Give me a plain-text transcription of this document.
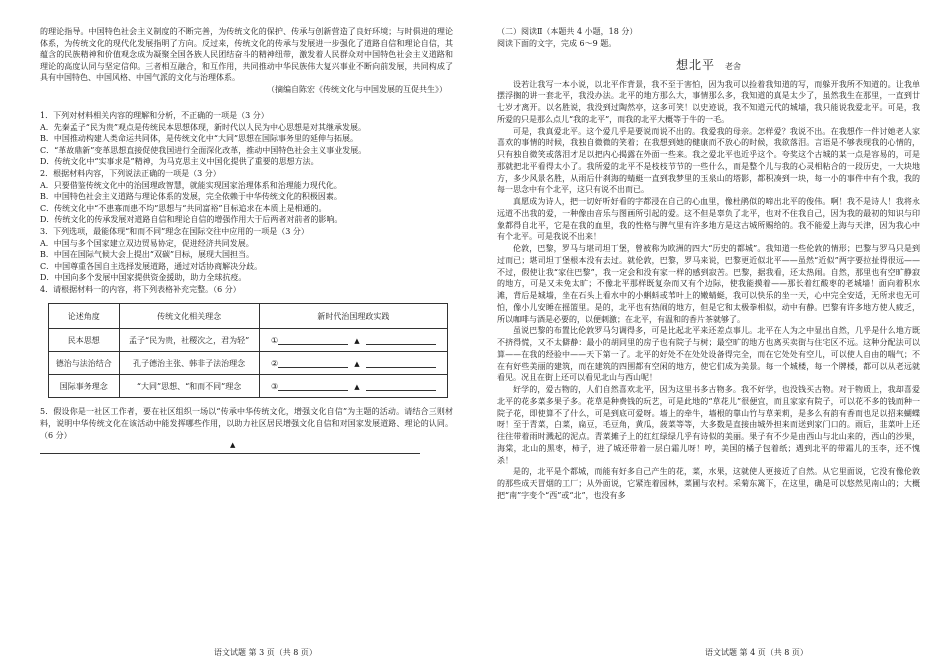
的理论指导。中国特色社会主义制度的不断完善，为传统文化的保护、传承与创新营造了良好环境；与时俱进的理论体系，为传统文化的现代化发展指明了方向。反过来，传统文化的传承与发展进一步强化了道路自信和理论自信，其蕴含的民族精神和价值观念成为凝聚全国各族人民团结奋斗的精神纽带，激发着人民群众对中国特色社会主义道路和理论的高度认同与坚定信仰。三者相互融合，和互作用，共同推动中华民族伟大复兴事业不断向前发展，共同构成了具有中国特色、中国风格、中国气派的文化与治理体系。

（摘编自陈宏《传统文化与中国发展的互促共生》）

1．下列对材料相关内容的理解和分析，不正确的一项是（3 分）

A．先秦孟子“民为贵”观点是传统民本思想体现，新时代以人民为中心思想是对其继承发展。

B．中国推动构建人类命运共同体，是传统文化中“大同”思想在国际事务里的延伸与拓展。

C．“革故鼎新”变革思想直接促使我国进行全面深化改革，推动中国特色社会主义事业发展。

D．传统文化中“实事求是”精神，为马克思主义中国化提供了重要的思想方法。

2．根据材料内容，下列说法正确的一项是（3 分）

A．只要借鉴传统文化中的治国理政智慧，就能实现国家治理体系和治理能力现代化。

B．中国特色社会主义道路与理论体系的发展，完全依赖于中华传统文化的积极因素。

C．传统文化中“不患寡而患不均”思想与“共同富裕”目标追求在本质上是相通的。

D．传统文化的传承发展对道路自信和理论自信的增强作用大于后两者对前者的影响。

3．下列选项，最能体现“和而不同”理念在国际交往中应用的一项是（3 分）

A．中国与多个国家建立双边贸易协定，促进经济共同发展。

B．中国在国际气候大会上提出“双碳”目标，展现大国担当。

C．中国尊重各国自主选择发展道路，通过对话协商解决分歧。

D．中国向多个发展中国家提供资金援助，助力全球抗疫。

4．请根据材料一的内容，将下列表格补充完整。（6 分）

论述角度	传统文化相关理念	新时代治国理政实践
民本思想	孟子“民为贵，社稷次之，君为轻”	① ▲
德治与法治结合	孔子德治主张、韩非子法治理念	② ▲
国际事务理念	“大同”思想、“和而不同”理念	③ ▲

5．假设你是一社区工作者，要在社区组织一场以“传承中华传统文化，增强文化自信”为主题的活动。请结合三则材料，说明中华传统文化在该活动中能发挥哪些作用，以助力社区居民增强文化自信和对国家发展道路、理论的认同。（6 分）

▲
语文试题 第 3 页（共 8 页）

（二）阅读Ⅱ（本题共 4 小题，18 分）

阅读下面的文字，完成 6～9 题。

想北平 老舍

设若让我写一本小说，以北平作背景，我不至于害怕，因为我可以捡着我知道的写，而躲开我所不知道的。让我单摆浮搁的讲一套北平，我没办法。北平的地方那么大，事情那么多，我知道的真是太少了，虽然我生在那里，一直到廿七岁才离开。以名胜说，我没到过陶然亭，这多可笑！以史迹说，我不知道元代的城墙，我只能说我爱北平。可是，我所爱的只是那么点儿“我的北平”，而我的北平大概等于牛的一毛。

可是，我真爱北平。这个爱几乎是要说而说不出的。我爱我的母亲。怎样爱？我说不出。在我想作一件讨她老人家喜欢的事情的时候，我独自微微的笑着；在我想到她的健康而不放心的时候，我欲落泪。言语是不够表现我的心情的，只有独自微笑或落泪才足以把内心揭露在外面一些来。我之爱北平也近乎这个。夸奖这个古城的某一点是容易的，可是那就把北平看得太小了。我所爱的北平不是枝枝节节的一些什么，而是整个儿与我的心灵相粘合的一段历史，一大块地方，多少风景名胜，从雨后什刹海的蜻蜓一直到我梦里的玉泉山的塔影，都积凑到一块，每一小的事件中有个我，我的每一思念中有个北平，这只有说不出而已。

真愿成为诗人，把一切好听好看的字都浸在自己的心血里，像杜鹃似的啼出北平的俊伟。啊！我不是诗人！我将永远道不出我的爱，一种像由音乐与图画所引起的爱。这不但是辜负了北平，也对不住我自己，因为我的最初的知识与印象都得自北平，它是在我的血里，我的性格与脾气里有许多地方是这古城所赐给的。我不能爱上海与天津，因为我心中有个北平。可是我说不出来！

伦敦，巴黎，罗马与堪司坦丁堡，曾被称为欧洲的四大“历史的都城”。我知道一些伦敦的情形；巴黎与罗马只是到过而已；堪司坦丁堡根本没有去过。就伦敦，巴黎，罗马来说，巴黎更近似北平——虽然“近似”两字要拉扯得很远——不过，假使让我“家住巴黎”，我一定会和没有家一样的感到寂苦。巴黎，据我看，还太热闹。自然，那里也有空旷静寂的地方，可是又未免太旷；不像北平那样既复杂而又有个边际，使我能摸着——那长着红酸枣的老城墙！面向着积水滩，背后是城墙，坐在石头上看水中的小蝌蚪或苇叶上的嫩蜻蜓，我可以快乐的坐一天，心中完全安适，无所求也无可怕，像小儿安睡在摇篮里。是的，北平也有热闹的地方，但是它和太极拳相似，动中有静。巴黎有许多地方使人疲乏，所以咖啡与酒是必要的，以便刺激；在北平，有温和的香片茶就够了。

虽说巴黎的布置比伦敦罗马匀调得多，可是比起北平来还差点事儿。北平在人为之中显出自然，几乎是什么地方既不挤得慌，又不太僻静：最小的胡同里的房子也有院子与树；最空旷的地方也离买卖街与住宅区不远。这种分配法可以算——在我的经验中——天下第一了。北平的好处不在处处设备得完全，而在它处处有空儿，可以使人自由的喘气；不在有好些美丽的建筑，而在建筑的四围都有空闲的地方，使它们成为美景。每一个城楼，每一个牌楼，都可以从老远就看见。况且在街上还可以看见北山与西山呢！

好学的，爱古物的，人们自然喜欢北平，因为这里书多古物多。我不好学，也没钱买古物。对于物质上，我却喜爱北平的花多菜多果子多。花草是种费钱的玩艺，可是此地的“草花儿”很便宜，而且家家有院子，可以花不多的钱而种一院子花，即使算不了什么，可是到底可爱呀。墙上的牵牛，墙根的靠山竹与草茉莉，是多么有韵有香而也足以招来蝴蝶呀！至于青菜，白菜，扁豆，毛豆角，黄瓜，菠菜等等，大多数是直接由城外担来而送到家门口的。雨后，韭菜叶上还往往带着雨时溅起的泥点。青菜摊子上的红红绿绿几乎有诗似的美丽。果子有不少是由西山与北山来的，西山的沙果，海棠，北山的黑枣，柿子，进了城还带着一层白霜儿呀！哼，美国的橘子包着纸；遇到北平的带霜儿的玉李，还不愧杀！

是的，北平是个都城，而能有好多自己产生的花，菜，水果，这就使人更接近了自然。从它里面说，它没有像伦敦的那些成天冒烟的工厂；从外面说，它紧连着园林，菜圃与农村。采菊东篱下，在这里，确是可以悠然见南山的；大概把“南”字变个“西”或“北”，也没有多

语文试题 第 4 页（共 8 页）
